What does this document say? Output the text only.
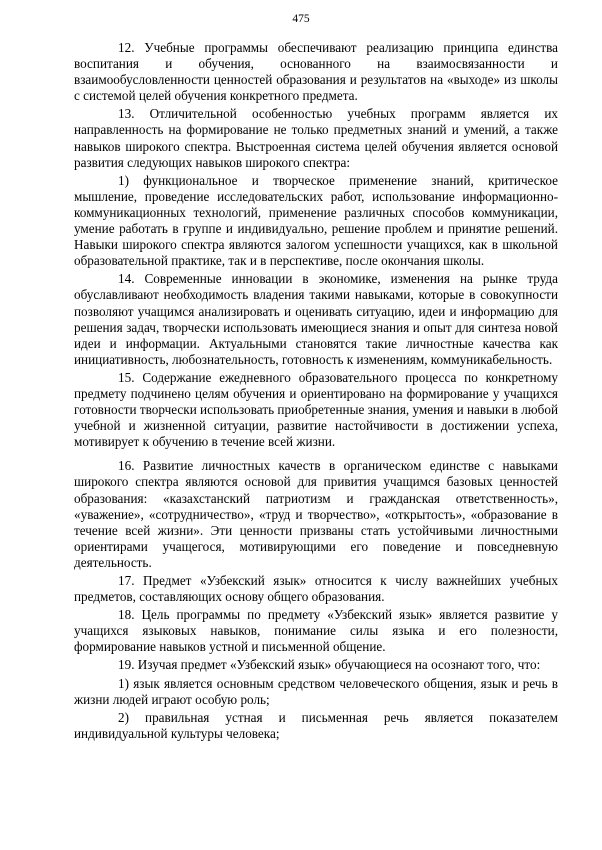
475

12. Учебные программы обеспечивают реализацию принципа единства воспитания и обучения, основанного на взаимосвязанности и взаимообусловленности ценностей образования и результатов на «выходе» из школы с системой целей обучения конкретного предмета.

13. Отличительной особенностью учебных программ является их направленность на формирование не только предметных знаний и умений, а также навыков широкого спектра. Выстроенная система целей обучения является основой развития следующих навыков широкого спектра:

1) функциональное и творческое применение знаний, критическое мышление, проведение исследовательских работ, использование информационно-коммуникационных технологий, применение различных способов коммуникации, умение работать в группе и индивидуально, решение проблем и принятие решений. Навыки широкого спектра являются залогом успешности учащихся, как в школьной образовательной практике, так и в перспективе, после окончания школы.

14. Современные инновации в экономике, изменения на рынке труда обуславливают необходимость владения такими навыками, которые в совокупности позволяют учащимся анализировать и оценивать ситуацию, идеи и информацию для решения задач, творчески использовать имеющиеся знания и опыт для синтеза новой идеи и информации. Актуальными становятся такие личностные качества как инициативность, любознательность, готовность к изменениям, коммуникабельность.

15. Содержание ежедневного образовательного процесса по конкретному предмету подчинено целям обучения и ориентировано на формирование у учащихся готовности творчески использовать приобретенные знания, умения и навыки в любой учебной и жизненной ситуации, развитие настойчивости в достижении успеха, мотивирует к обучению в течение всей жизни.

16. Развитие личностных качеств в органическом единстве с навыками широкого спектра являются основой для привития учащимся базовых ценностей образования: «казахстанский патриотизм и гражданская ответственность», «уважение», «сотрудничество», «труд и творчество», «открытость», «образование в течение всей жизни». Эти ценности призваны стать устойчивыми личностными ориентирами учащегося, мотивирующими его поведение и повседневную деятельность.

17. Предмет «Узбекский язык» относится к числу важнейших учебных предметов, составляющих основу общего образования.

18. Цель программы по предмету «Узбекский язык» является развитие у учащихся языковых навыков, понимание силы языка и его полезности, формирование навыков устной и письменной общение.

19. Изучая предмет «Узбекский язык» обучающиеся на осознают того, что:

1) язык является основным средством человеческого общения, язык и речь в жизни людей играют особую роль;

2) правильная устная и письменная речь является показателем индивидуальной культуры человека;
